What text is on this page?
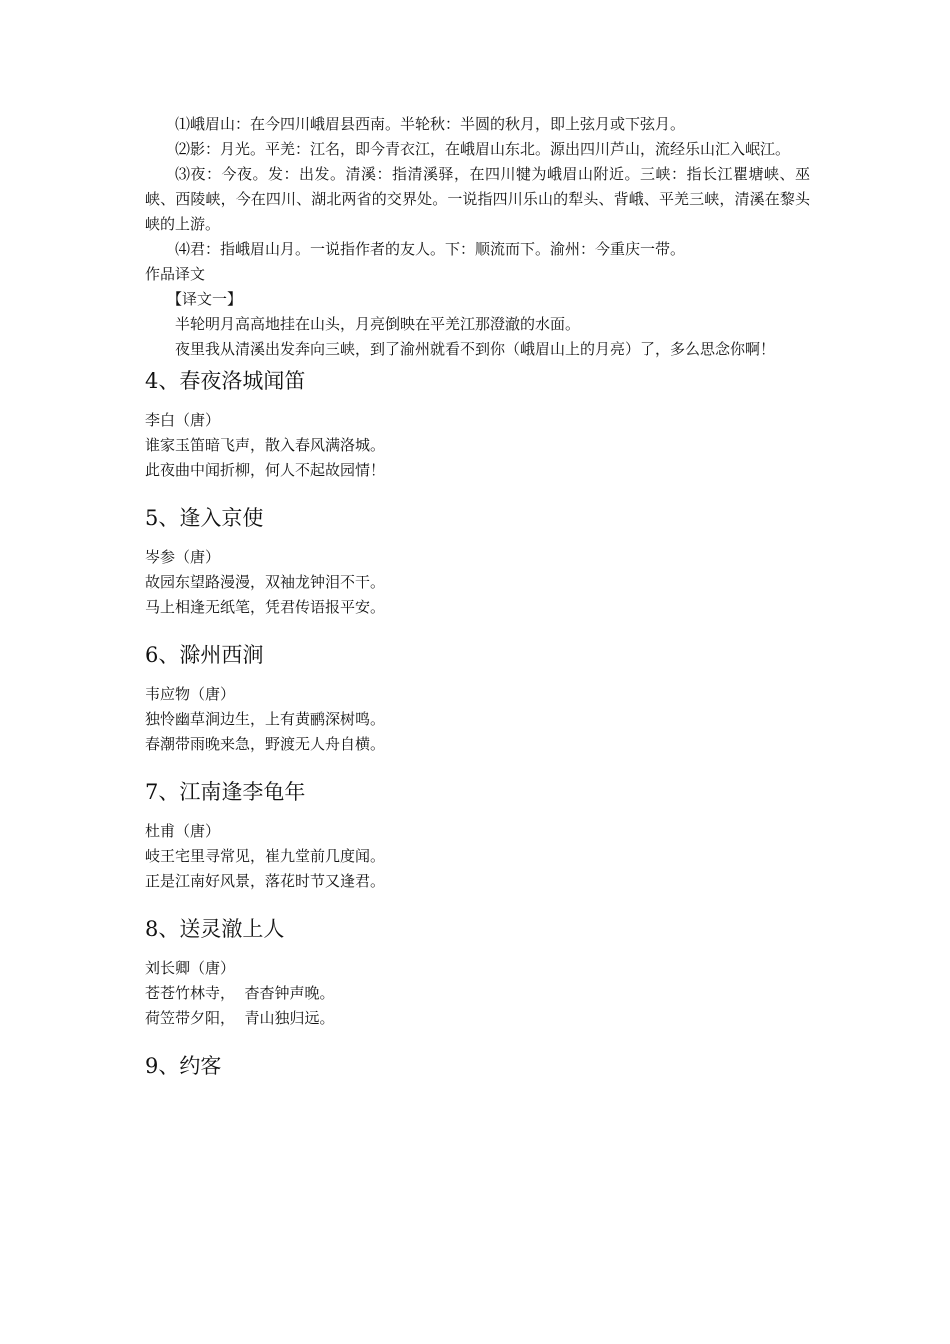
⑴峨眉山：在今四川峨眉县西南。半轮秋：半圆的秋月，即上弦月或下弦月。

⑵影：月光。平羌：江名，即今青衣江，在峨眉山东北。源出四川芦山，流经乐山汇入岷江。

⑶夜：今夜。发：出发。清溪：指清溪驿，在四川犍为峨眉山附近。三峡：指长江瞿塘峡、巫峡、西陵峡，今在四川、湖北两省的交界处。一说指四川乐山的犁头、背峨、平羌三峡，清溪在黎头峡的上游。

⑷君：指峨眉山月。一说指作者的友人。下：顺流而下。渝州：今重庆一带。

作品译文

【译文一】

半轮明月高高地挂在山头，月亮倒映在平羌江那澄澈的水面。

夜里我从清溪出发奔向三峡，到了渝州就看不到你（峨眉山上的月亮）了，多么思念你啊！

4、春夜洛城闻笛

李白（唐）

谁家玉笛暗飞声，散入春风满洛城。

此夜曲中闻折柳，何人不起故园情！

5、逢入京使

岑参（唐）

故园东望路漫漫，双袖龙钟泪不干。

马上相逢无纸笔，凭君传语报平安。

6、滁州西涧

韦应物（唐）

独怜幽草涧边生，上有黄鹂深树鸣。

春潮带雨晚来急，野渡无人舟自横。

7、江南逢李龟年

杜甫（唐）

岐王宅里寻常见，崔九堂前几度闻。

正是江南好风景，落花时节又逢君。

8、送灵澈上人

刘长卿（唐）

苍苍竹林寺，  杳杳钟声晚。

荷笠带夕阳，  青山独归远。

9、约客
